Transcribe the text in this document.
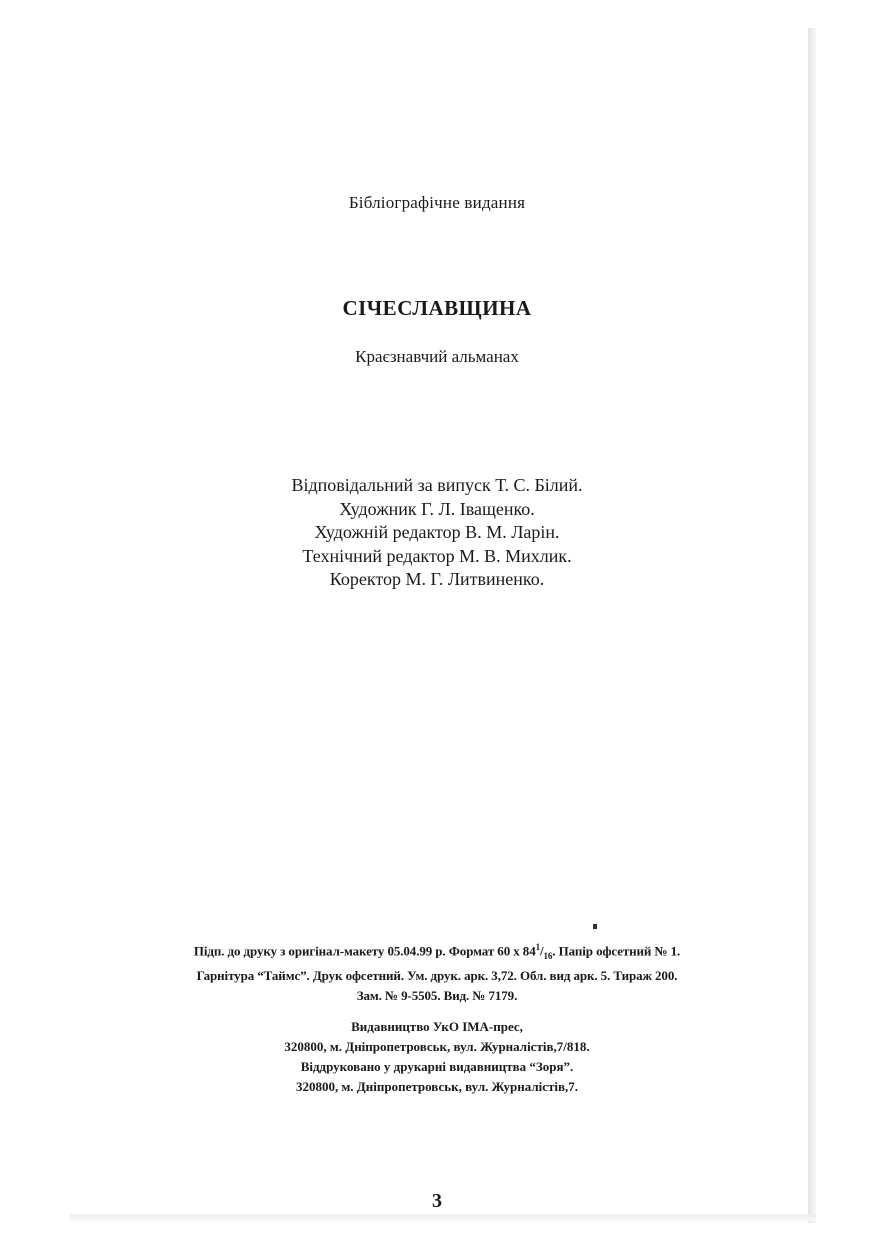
Бібліографічне видання
СІЧЕСЛАВЩИНА
Краєзнавчий альманах
Відповідальний за випуск Т. С. Білий.
Художник Г. Л. Іващенко.
Художній редактор В. М. Ларін.
Технічний редактор М. В. Михлик.
Коректор М. Г. Литвиненко.
Підп. до друку з оригінал-макету 05.04.99 р. Формат 60 х $84^1/_{16}$. Папір офсетний № 1.
Гарнітура “Таймс”. Друк офсетний. Ум. друк. арк. 3,72. Обл. вид арк. 5. Тираж 200.
Зам. № 9-5505. Вид. № 7179.
Видавництво УкО ІМА-прес,
320800, м. Дніпропетровськ, вул. Журналістів,7/818.
Віддруковано у друкарні видавництва “Зоря”.
320800, м. Дніпропетровськ, вул. Журналістів,7.
3
